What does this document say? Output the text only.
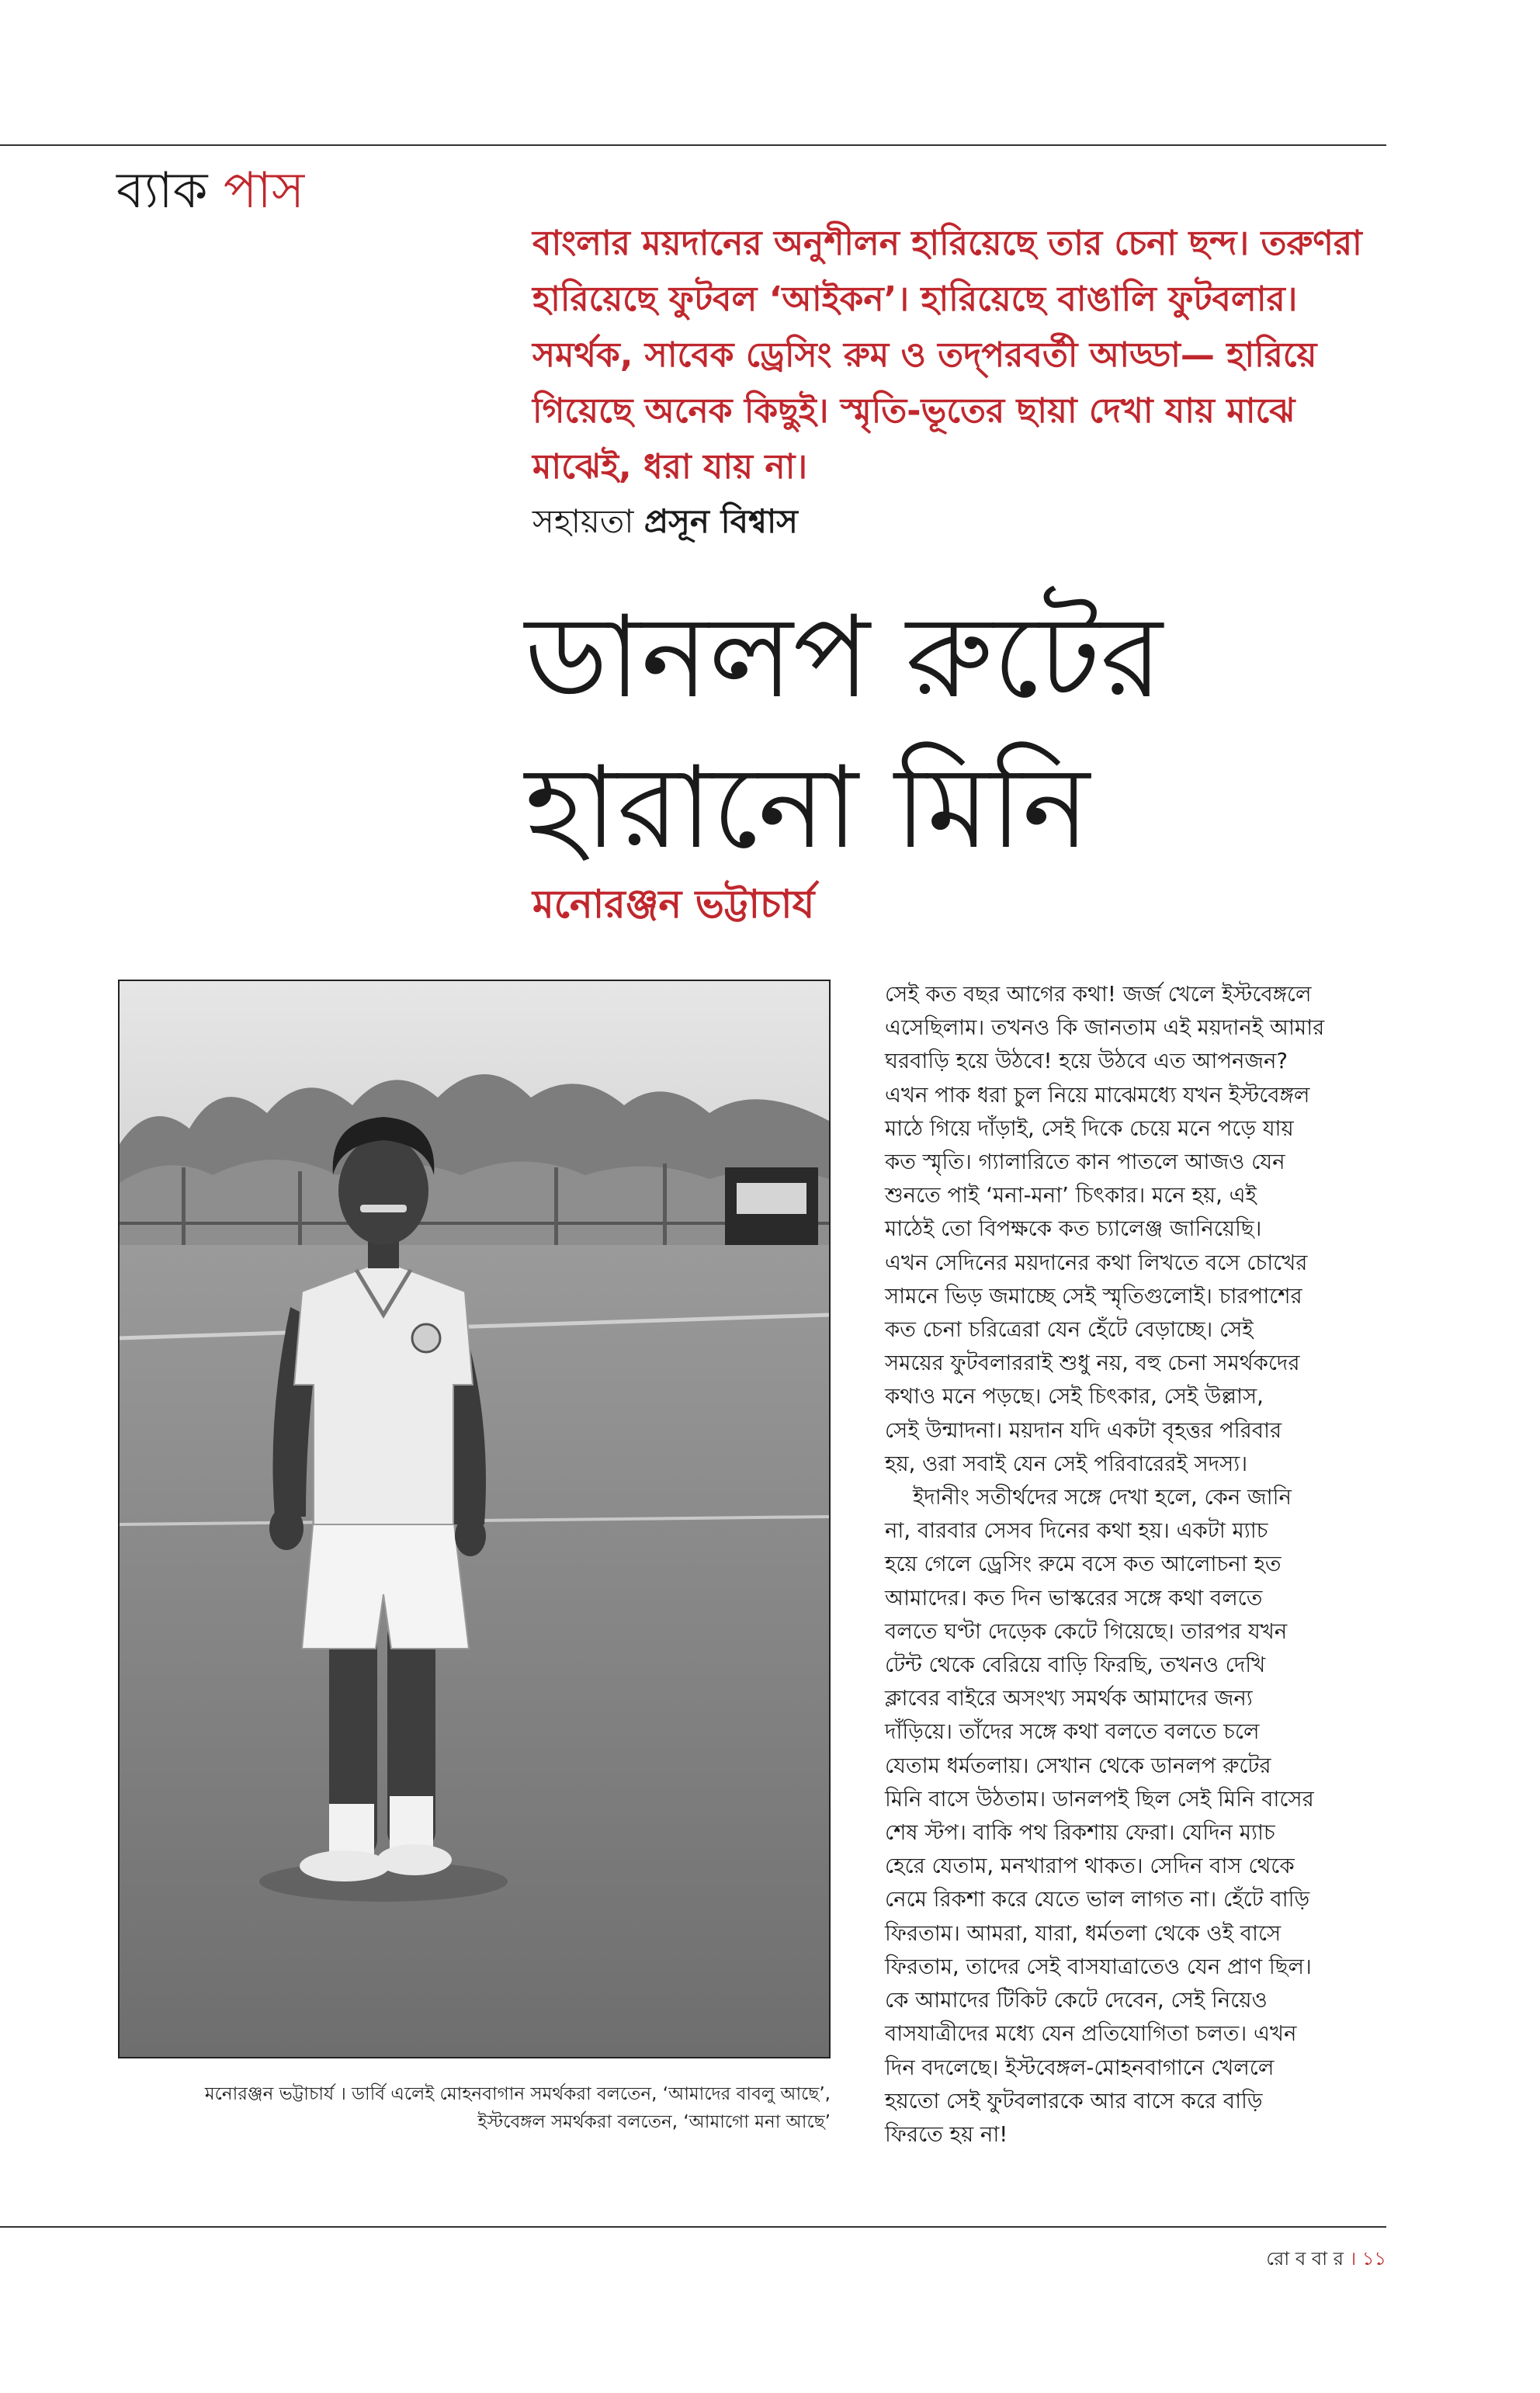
ব্যাক পাস

বাংলার ময়দানের অনুশীলন হারিয়েছে তার চেনা ছন্দ। তরুণরা হারিয়েছে ফুটবল ‘আইকন’। হারিয়েছে বাঙালি ফুটবলার। সমর্থক, সাবেক ড্রেসিং রুম ও তদ্‌পরবর্তী আড্ডা— হারিয়ে গিয়েছে অনেক কিছুই। স্মৃতি-ভূতের ছায়া দেখা যায় মাঝে মাঝেই, ধরা যায় না।

সহায়তা প্রসূন বিশ্বাস
ডানলপ রুটের
হারানো মিনি
মনোরঞ্জন ভট্টাচার্য
মনোরঞ্জন ভট্টাচার্য । ডার্বি এলেই মোহনবাগান সমর্থকরা বলতেন, ‘আমাদের বাবলু আছে’,
ইস্টবেঙ্গল সমর্থকরা বলতেন, ‘আমাগো মনা আছে’
সেই কত বছর আগের কথা! জর্জ খেলে ইস্টবেঙ্গলে
এসেছিলাম। তখনও কি জানতাম এই ময়দানই আমার
ঘরবাড়ি হয়ে উঠবে! হয়ে উঠবে এত আপনজন?
এখন পাক ধরা চুল নিয়ে মাঝেমধ্যে যখন ইস্টবেঙ্গল
মাঠে গিয়ে দাঁড়াই, সেই দিকে চেয়ে মনে পড়ে যায়
কত স্মৃতি। গ্যালারিতে কান পাতলে আজও যেন
শুনতে পাই ‘মনা-মনা’ চিৎকার। মনে হয়, এই
মাঠেই তো বিপক্ষকে কত চ্যালেঞ্জ জানিয়েছি।
এখন সেদিনের ময়দানের কথা লিখতে বসে চোখের
সামনে ভিড় জমাচ্ছে সেই স্মৃতিগুলোই। চারপাশের
কত চেনা চরিত্রেরা যেন হেঁটে বেড়াচ্ছে। সেই
সময়ের ফুটবলাররাই শুধু নয়, বহু চেনা সমর্থকদের
কথাও মনে পড়ছে। সেই চিৎকার, সেই উল্লাস,
সেই উন্মাদনা। ময়দান যদি একটা বৃহত্তর পরিবার
হয়, ওরা সবাই যেন সেই পরিবারেরই সদস্য।
ইদানীং সতীর্থদের সঙ্গে দেখা হলে, কেন জানি
না, বারবার সেসব দিনের কথা হয়। একটা ম্যাচ
হয়ে গেলে ড্রেসিং রুমে বসে কত আলোচনা হত
আমাদের। কত দিন ভাস্করের সঙ্গে কথা বলতে
বলতে ঘণ্টা দেড়েক কেটে গিয়েছে। তারপর যখন
টেন্ট থেকে বেরিয়ে বাড়ি ফিরছি, তখনও দেখি
ক্লাবের বাইরে অসংখ্য সমর্থক আমাদের জন্য
দাঁড়িয়ে। তাঁদের সঙ্গে কথা বলতে বলতে চলে
যেতাম ধর্মতলায়। সেখান থেকে ডানলপ রুটের
মিনি বাসে উঠতাম। ডানলপই ছিল সেই মিনি বাসের
শেষ স্টপ। বাকি পথ রিকশায় ফেরা। যেদিন ম্যাচ
হেরে যেতাম, মনখারাপ থাকত। সেদিন বাস থেকে
নেমে রিকশা করে যেতে ভাল লাগত না। হেঁটে বাড়ি
ফিরতাম। আমরা, যারা, ধর্মতলা থেকে ওই বাসে
ফিরতাম, তাদের সেই বাসযাত্রাতেও যেন প্রাণ ছিল।
কে আমাদের টিকিট কেটে দেবেন, সেই নিয়েও
বাসযাত্রীদের মধ্যে যেন প্রতিযোগিতা চলত। এখন
দিন বদলেছে। ইস্টবেঙ্গল-মোহনবাগানে খেললে
হয়তো সেই ফুটবলারকে আর বাসে করে বাড়ি
ফিরতে হয় না!
রো ব বা র । ১১
